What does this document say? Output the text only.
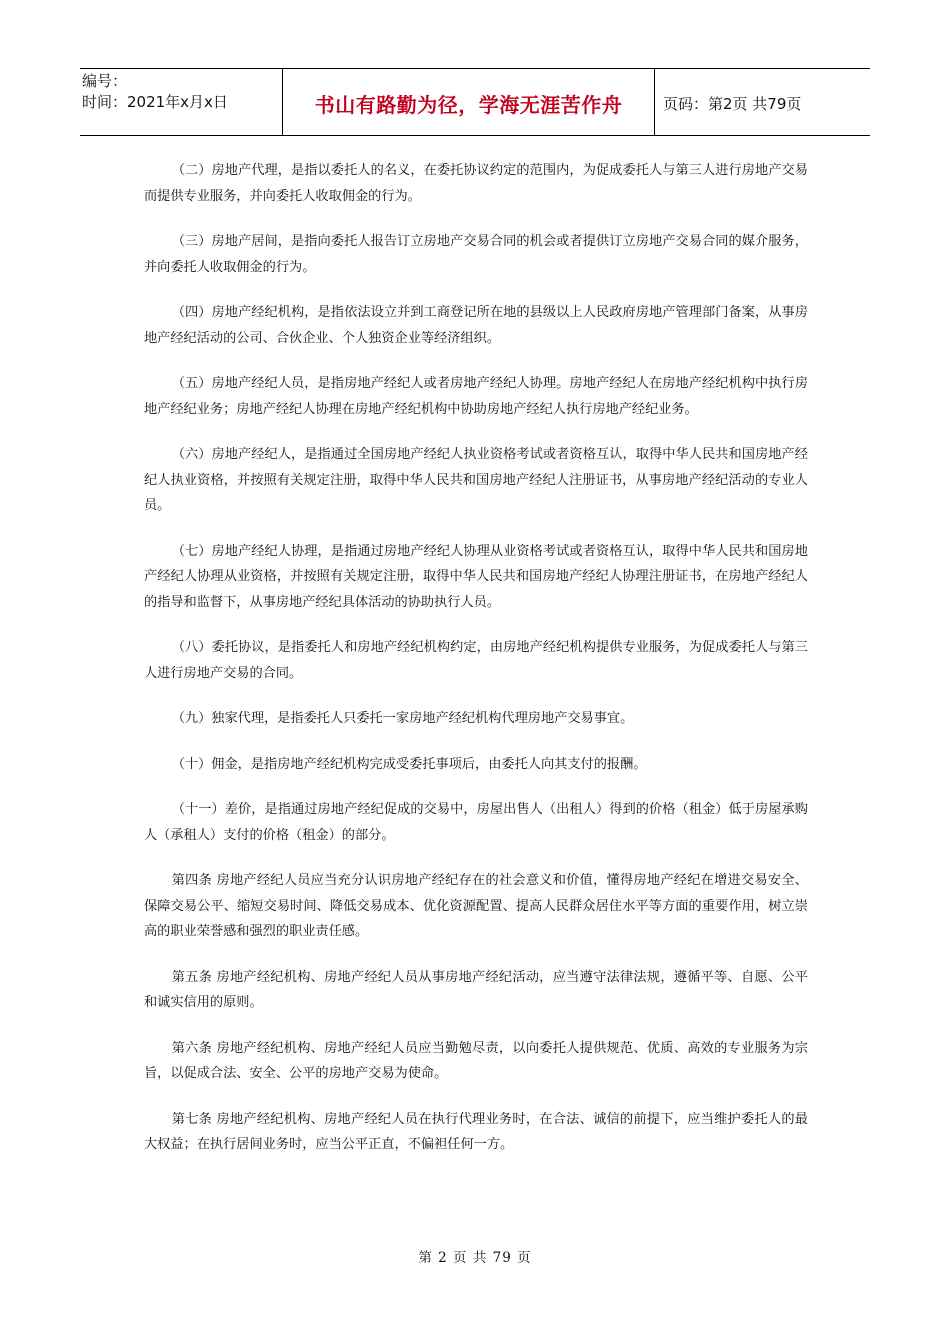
编号：
时间：2021年x月x日	书山有路勤为径，学海无涯苦作舟	页码：第2页 共79页

（二）房地产代理，是指以委托人的名义，在委托协议约定的范围内，为促成委托人与第三人进行房地产交易而提供专业服务，并向委托人收取佣金的行为。

（三）房地产居间，是指向委托人报告订立房地产交易合同的机会或者提供订立房地产交易合同的媒介服务，并向委托人收取佣金的行为。

（四）房地产经纪机构，是指依法设立并到工商登记所在地的县级以上人民政府房地产管理部门备案，从事房地产经纪活动的公司、合伙企业、个人独资企业等经济组织。

（五）房地产经纪人员，是指房地产经纪人或者房地产经纪人协理。房地产经纪人在房地产经纪机构中执行房地产经纪业务；房地产经纪人协理在房地产经纪机构中协助房地产经纪人执行房地产经纪业务。

（六）房地产经纪人，是指通过全国房地产经纪人执业资格考试或者资格互认，取得中华人民共和国房地产经纪人执业资格，并按照有关规定注册，取得中华人民共和国房地产经纪人注册证书，从事房地产经纪活动的专业人员。

（七）房地产经纪人协理，是指通过房地产经纪人协理从业资格考试或者资格互认，取得中华人民共和国房地产经纪人协理从业资格，并按照有关规定注册，取得中华人民共和国房地产经纪人协理注册证书，在房地产经纪人的指导和监督下，从事房地产经纪具体活动的协助执行人员。

（八）委托协议，是指委托人和房地产经纪机构约定，由房地产经纪机构提供专业服务，为促成委托人与第三人进行房地产交易的合同。

（九）独家代理，是指委托人只委托一家房地产经纪机构代理房地产交易事宜。

（十）佣金，是指房地产经纪机构完成受委托事项后，由委托人向其支付的报酬。

（十一）差价，是指通过房地产经纪促成的交易中，房屋出售人（出租人）得到的价格（租金）低于房屋承购人（承租人）支付的价格（租金）的部分。

第四条 房地产经纪人员应当充分认识房地产经纪存在的社会意义和价值，懂得房地产经纪在增进交易安全、保障交易公平、缩短交易时间、降低交易成本、优化资源配置、提高人民群众居住水平等方面的重要作用，树立崇高的职业荣誉感和强烈的职业责任感。

第五条 房地产经纪机构、房地产经纪人员从事房地产经纪活动，应当遵守法律法规，遵循平等、自愿、公平和诚实信用的原则。

第六条 房地产经纪机构、房地产经纪人员应当勤勉尽责，以向委托人提供规范、优质、高效的专业服务为宗旨，以促成合法、安全、公平的房地产交易为使命。

第七条 房地产经纪机构、房地产经纪人员在执行代理业务时，在合法、诚信的前提下，应当维护委托人的最大权益；在执行居间业务时，应当公平正直，不偏袒任何一方。

第 2 页 共 79 页
